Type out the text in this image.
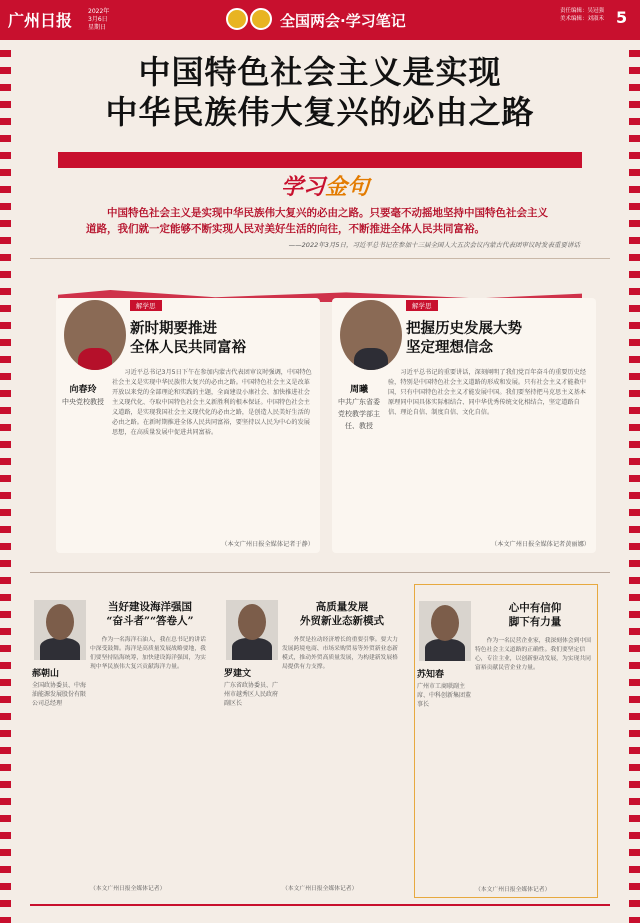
广州日报	2022年
3月6日
星期日	全国两会·学习笔记
责任编辑：吴冠强
美术编辑：刘淑禾 5
中国特色社会主义是实现
中华民族伟大复兴的必由之路
学习金句
中国特色社会主义是实现中华民族伟大复兴的必由之路。只要毫不动摇地坚持中国特色社会主义道路，我们就一定能够不断实现人民对美好生活的向往，不断推进全体人民共同富裕。
——2022年3月5日，习近平总书记在参加十三届全国人大五次会议内蒙古代表团审议时发表重要讲话
解学思
新时期要推进
全体人民共同富裕
向春玲
中央党校教授
习近平总书记3月5日下午在参加内蒙古代表团审议时强调，中国特色社会主义是实现中华民族伟大复兴的必由之路。中国特色社会主义是改革开放以来党的全部理论和实践的主题，全面建设小康社会、加快推进社会主义现代化、夺取中国特色社会主义新胜利的根本保证。中国特色社会主义道路，是实现我国社会主义现代化的必由之路，是创造人民美好生活的必由之路。在新时期推进全体人民共同富裕，要坚持以人民为中心的发展思想，在高质量发展中促进共同富裕。
（本文广州日报全媒体记者于静）
解学思
把握历史发展大势
坚定理想信念
周曦
中共广东省委党校教学部主任、教授
习近平总书记的重要讲话，深刻阐明了我们党百年奋斗的重要历史经验，特别是中国特色社会主义道路的形成和发展。只有社会主义才能救中国，只有中国特色社会主义才能发展中国。我们要坚持把马克思主义基本原理同中国具体实际相结合、同中华优秀传统文化相结合，坚定道路自信、理论自信、制度自信、文化自信。
（本文广州日报全媒体记者黄丽娜）
当好建设海洋强国
“奋斗者”“答卷人”
郝朝山
全国政协委员、中海油能源发展股份有限公司总经理
作为一名海洋石油人，我在总书记的讲话中深受鼓舞。海洋是高质量发展战略要地，我们要坚持陆海统筹，加快建设海洋强国，为实现中华民族伟大复兴贡献海洋力量。
（本文广州日报全媒体记者）
高质量发展
外贸新业态新模式
罗建文
广东省政协委员、广州市越秀区人民政府副区长
外贸是拉动经济增长的重要引擎。要大力发展跨境电商、市场采购贸易等外贸新业态新模式，推动外贸高质量发展，为构建新发展格局提供有力支撑。
（本文广州日报全媒体记者）
心中有信仰
脚下有力量
苏知春
广州市工商联副主席、中科创新集团董事长
作为一名民营企业家，我深刻体会到中国特色社会主义道路的正确性。我们要坚定信心，专注主业，以创新驱动发展，为实现共同富裕贡献民营企业力量。
（本文广州日报全媒体记者）
